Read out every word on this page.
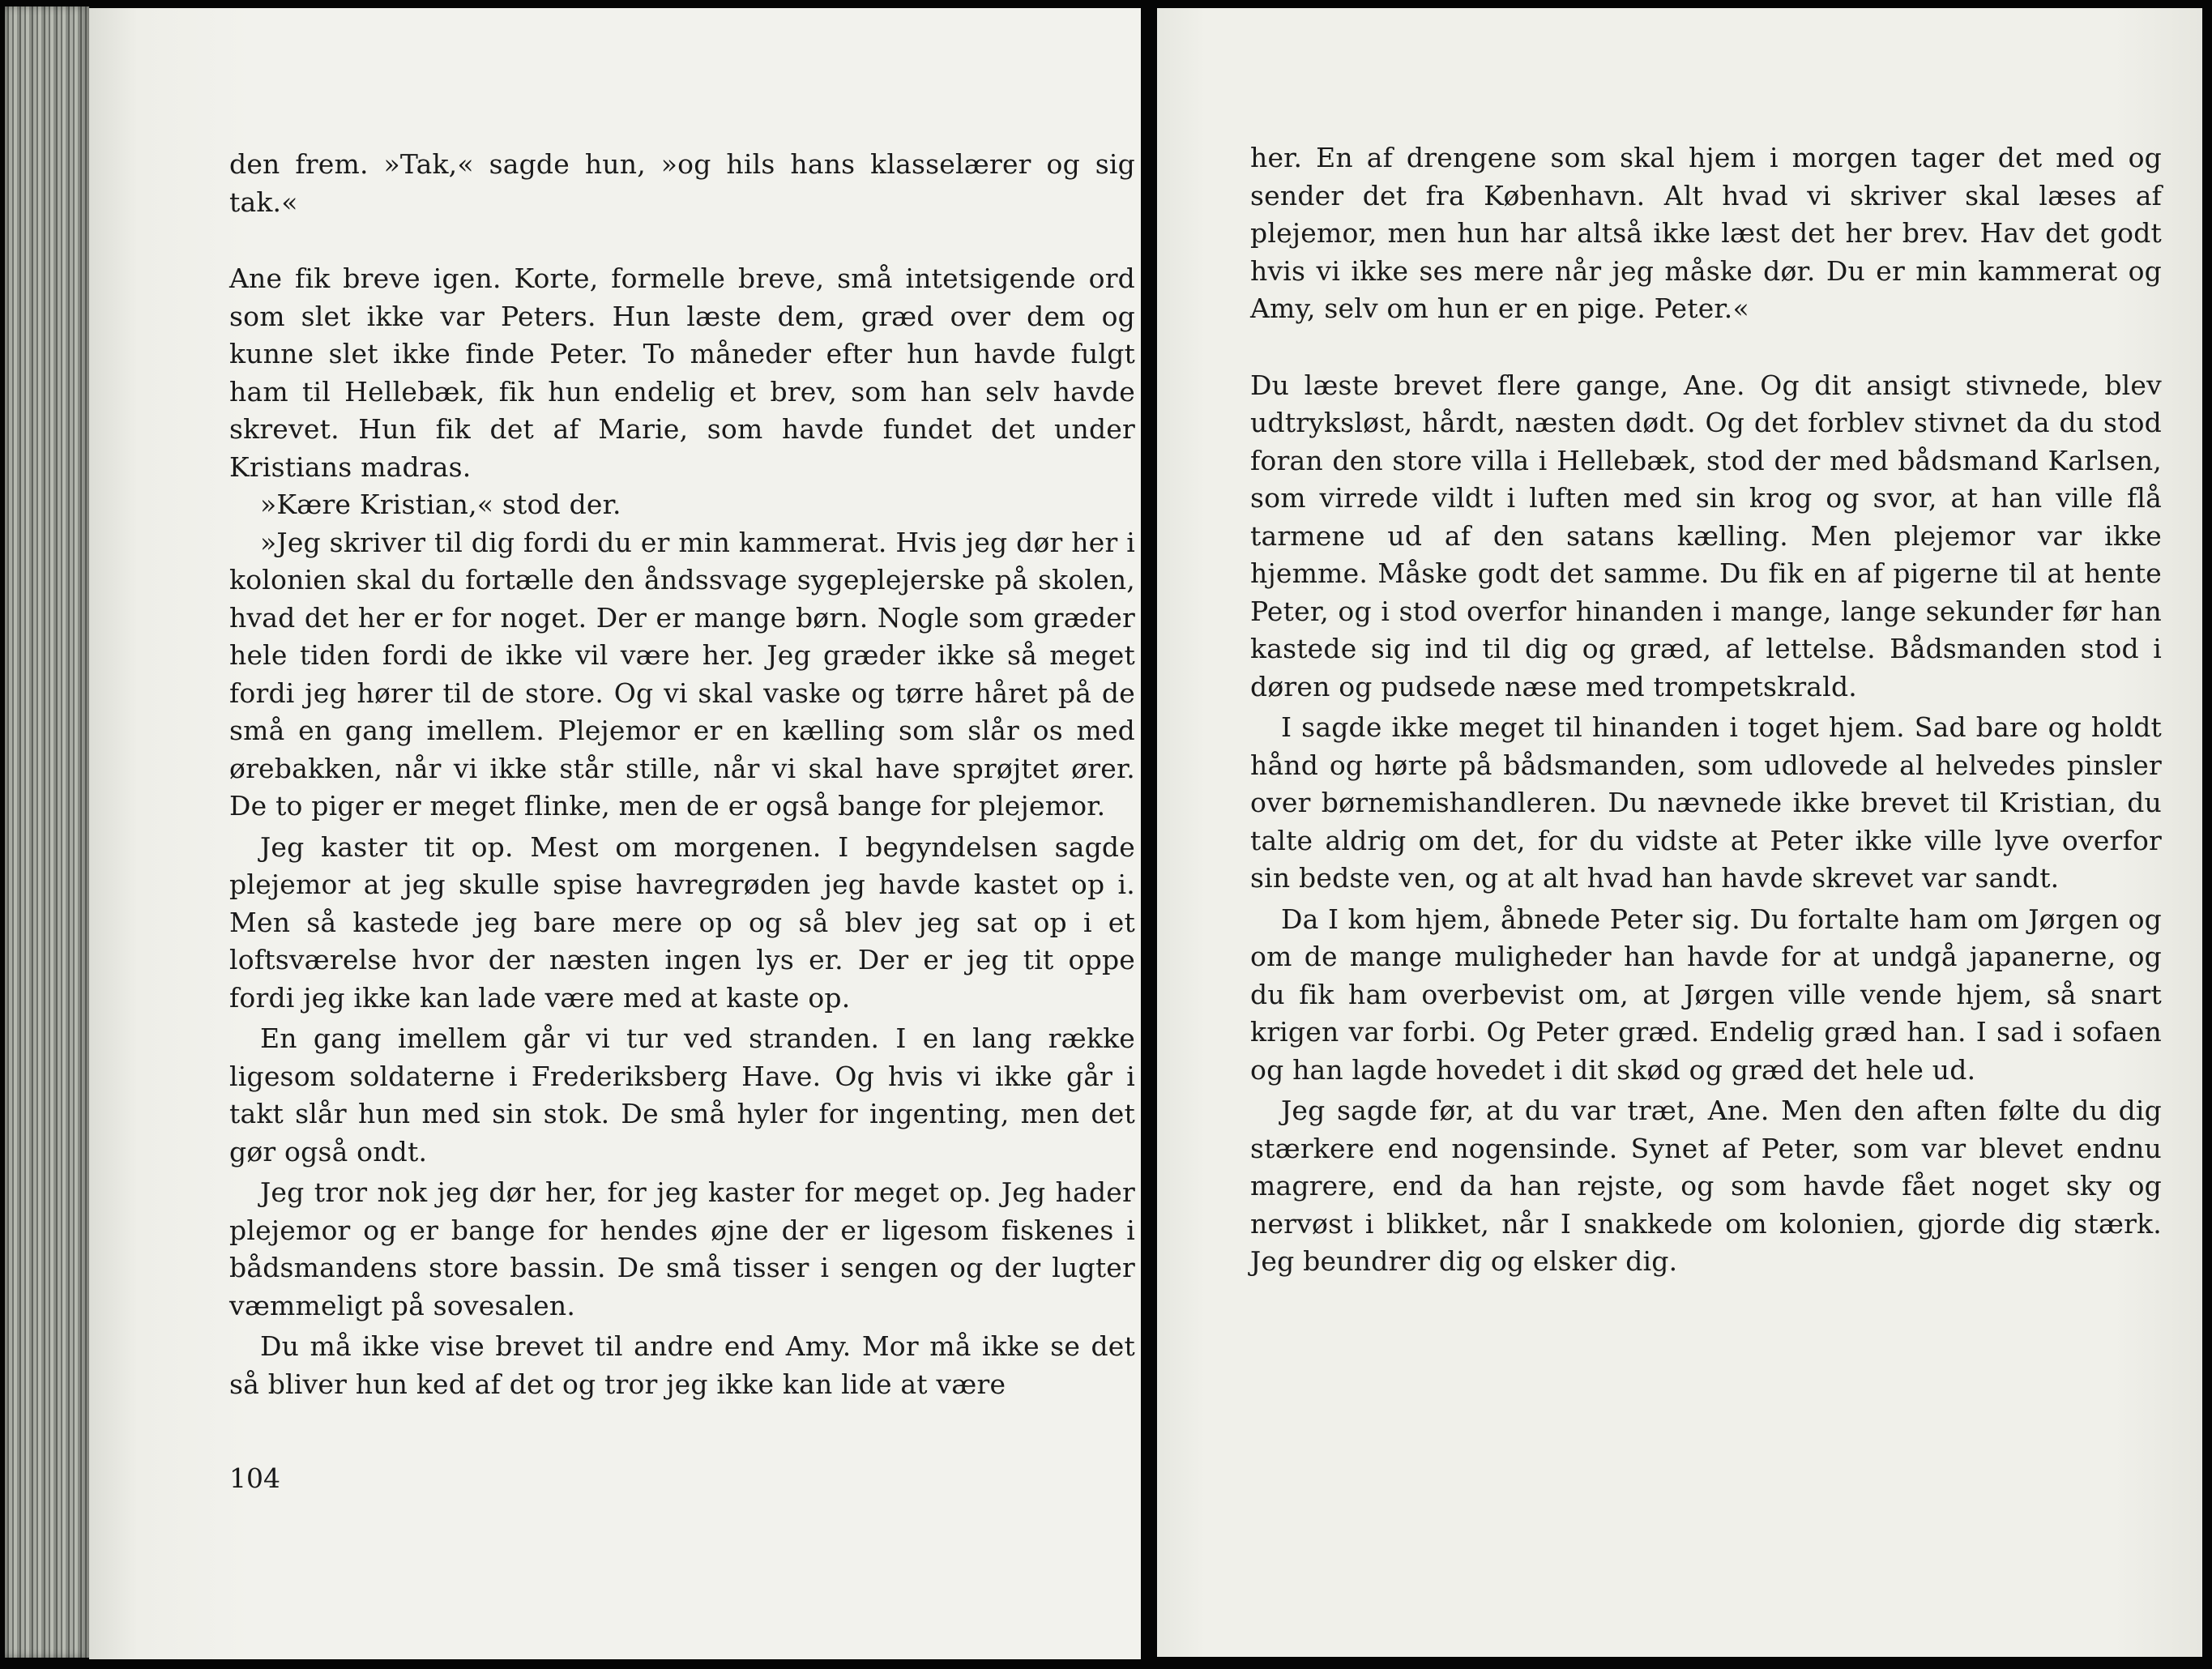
den frem. »Tak,« sagde hun, »og hils hans klasselærer og sig tak.«

Ane fik breve igen. Korte, formelle breve, små intetsigende ord som slet ikke var Peters. Hun læste dem, græd over dem og kunne slet ikke finde Peter. To måneder efter hun havde fulgt ham til Hellebæk, fik hun endelig et brev, som han selv havde skrevet. Hun fik det af Marie, som havde fundet det under Kristians madras.

»Kære Kristian,« stod der.

»Jeg skriver til dig fordi du er min kammerat. Hvis jeg dør her i kolonien skal du fortælle den åndssvage sygeplejerske på skolen, hvad det her er for noget. Der er mange børn. Nogle som græder hele tiden fordi de ikke vil være her. Jeg græder ikke så meget fordi jeg hører til de store. Og vi skal vaske og tørre håret på de små en gang imellem. Plejemor er en kælling som slår os med ørebakken, når vi ikke står stille, når vi skal have sprøjtet ører. De to piger er meget flinke, men de er også bange for plejemor.

Jeg kaster tit op. Mest om morgenen. I begyndelsen sagde plejemor at jeg skulle spise havregrøden jeg havde kastet op i. Men så kastede jeg bare mere op og så blev jeg sat op i et loftsværelse hvor der næsten ingen lys er. Der er jeg tit oppe fordi jeg ikke kan lade være med at kaste op.

En gang imellem går vi tur ved stranden. I en lang række ligesom soldaterne i Frederiksberg Have. Og hvis vi ikke går i takt slår hun med sin stok. De små hyler for ingenting, men det gør også ondt.

Jeg tror nok jeg dør her, for jeg kaster for meget op. Jeg hader plejemor og er bange for hendes øjne der er ligesom fiskenes i bådsmandens store bassin. De små tisser i sengen og der lugter væmmeligt på sovesalen.

Du må ikke vise brevet til andre end Amy. Mor må ikke se det så bliver hun ked af det og tror jeg ikke kan lide at være

104

her. En af drengene som skal hjem i morgen tager det med og sender det fra København. Alt hvad vi skriver skal læses af plejemor, men hun har altså ikke læst det her brev. Hav det godt hvis vi ikke ses mere når jeg måske dør. Du er min kammerat og Amy, selv om hun er en pige. Peter.«

Du læste brevet flere gange, Ane. Og dit ansigt stivnede, blev udtryksløst, hårdt, næsten dødt. Og det forblev stivnet da du stod foran den store villa i Hellebæk, stod der med bådsmand Karlsen, som virrede vildt i luften med sin krog og svor, at han ville flå tarmene ud af den satans kælling. Men plejemor var ikke hjemme. Måske godt det samme. Du fik en af pigerne til at hente Peter, og i stod overfor hinanden i mange, lange sekunder før han kastede sig ind til dig og græd, af lettelse. Bådsmanden stod i døren og pudsede næse med trompetskrald.

I sagde ikke meget til hinanden i toget hjem. Sad bare og holdt hånd og hørte på bådsmanden, som udlovede al helvedes pinsler over børnemishandleren. Du nævnede ikke brevet til Kristian, du talte aldrig om det, for du vidste at Peter ikke ville lyve overfor sin bedste ven, og at alt hvad han havde skrevet var sandt.

Da I kom hjem, åbnede Peter sig. Du fortalte ham om Jørgen og om de mange muligheder han havde for at undgå japanerne, og du fik ham overbevist om, at Jørgen ville vende hjem, så snart krigen var forbi. Og Peter græd. Endelig græd han. I sad i sofaen og han lagde hovedet i dit skød og græd det hele ud.

Jeg sagde før, at du var træt, Ane. Men den aften følte du dig stærkere end nogensinde. Synet af Peter, som var blevet endnu magrere, end da han rejste, og som havde fået noget sky og nervøst i blikket, når I snakkede om kolonien, gjorde dig stærk. Jeg beundrer dig og elsker dig.
